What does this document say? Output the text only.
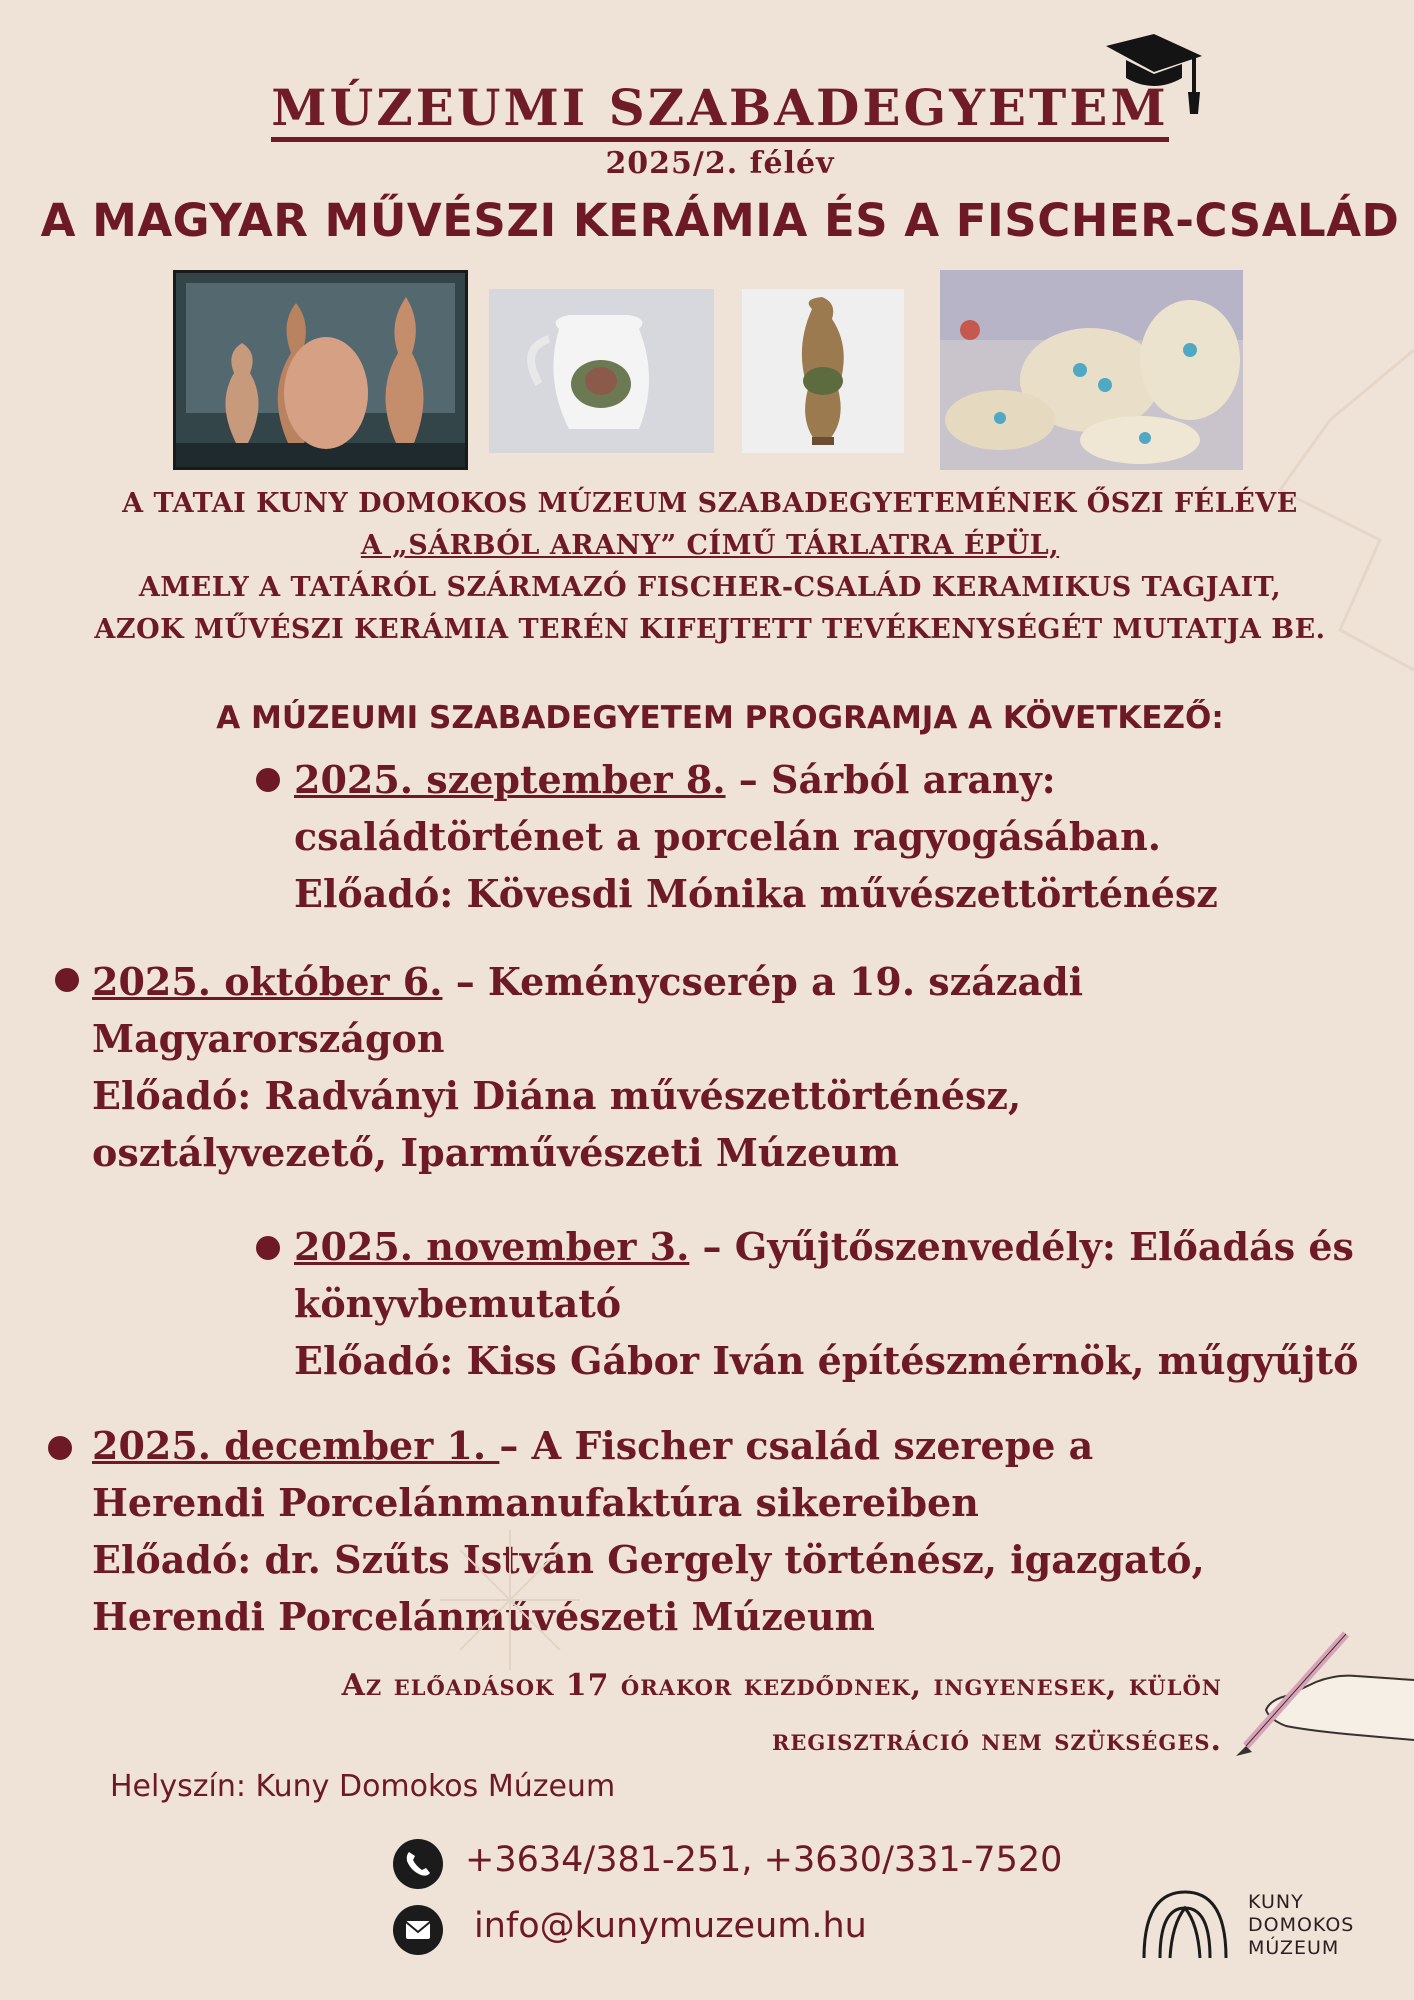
MÚZEUMI SZABADEGYETEM
2025/2. félév
A MAGYAR MŰVÉSZI KERÁMIA ÉS A FISCHER-CSALÁD
A TATAI KUNY DOMOKOS MÚZEUM SZABADEGYETEMÉNEK ŐSZI FÉLÉVE
A „SÁRBÓL ARANY” CÍMŰ TÁRLATRA ÉPÜL,
AMELY A TATÁRÓL SZÁRMAZÓ FISCHER-CSALÁD KERAMIKUS TAGJAIT,
AZOK MŰVÉSZI KERÁMIA TERÉN KIFEJTETT TEVÉKENYSÉGÉT MUTATJA BE.
A MÚZEUMI SZABADEGYETEM PROGRAMJA A KÖVETKEZŐ:
2025. szeptember 8. – Sárból arany:
családtörténet a porcelán ragyogásában.
Előadó: Kövesdi Mónika művészettörténész
2025. október 6. – Keménycserép a 19. századi
Magyarországon
Előadó: Radványi Diána művészettörténész,
osztályvezető, Iparművészeti Múzeum
2025. november 3. – Gyűjtőszenvedély: Előadás és
könyvbemutató
Előadó: Kiss Gábor Iván építészmérnök, műgyűjtő
2025. december 1. – A Fischer család szerepe a
Herendi Porcelánmanufaktúra sikereiben
Előadó: dr. Szűts István Gergely történész, igazgató,
Herendi Porcelánművészeti Múzeum
Az előadások 17 órakor kezdődnek, ingyenesek, külön
regisztráció nem szükséges.
Helyszín: Kuny Domokos Múzeum
+3634/381-251, +3630/331-7520
info@kunymuzeum.hu
KUNY
DOMOKOS
MÚZEUM
